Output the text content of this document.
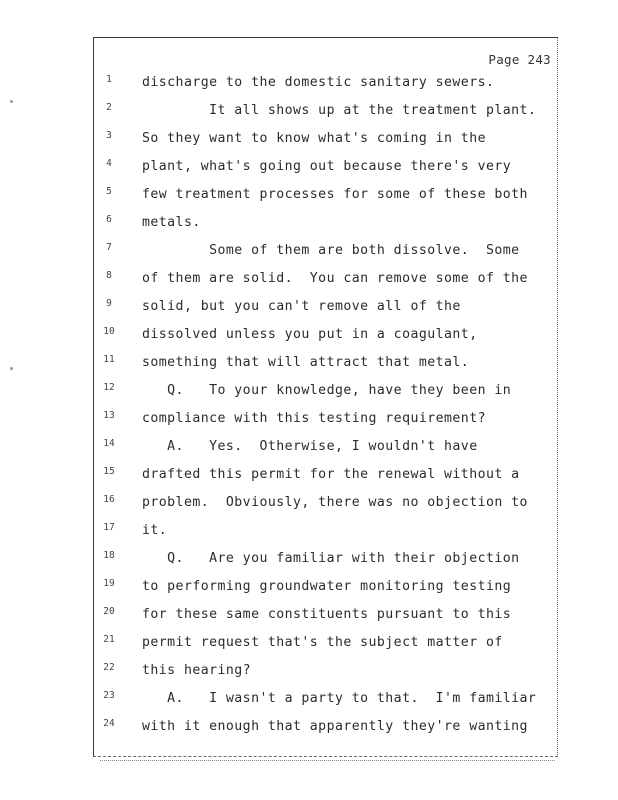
Page 243
1	discharge to the domestic sanitary sewers.
2	It all shows up at the treatment plant.
3	So they want to know what's coming in the
4	plant, what's going out because there's very
5	few treatment processes for some of these both
6	metals.
7	Some of them are both dissolve.  Some
8	of them are solid.  You can remove some of the
9	solid, but you can't remove all of the
10	dissolved unless you put in a coagulant,
11	something that will attract that metal.
12	Q.   To your knowledge, have they been in
13	compliance with this testing requirement?
14	A.   Yes.  Otherwise, I wouldn't have
15	drafted this permit for the renewal without a
16	problem.  Obviously, there was no objection to
17	it.
18	Q.   Are you familiar with their objection
19	to performing groundwater monitoring testing
20	for these same constituents pursuant to this
21	permit request that's the subject matter of
22	this hearing?
23	A.   I wasn't a party to that.  I'm familiar
24	with it enough that apparently they're wanting
